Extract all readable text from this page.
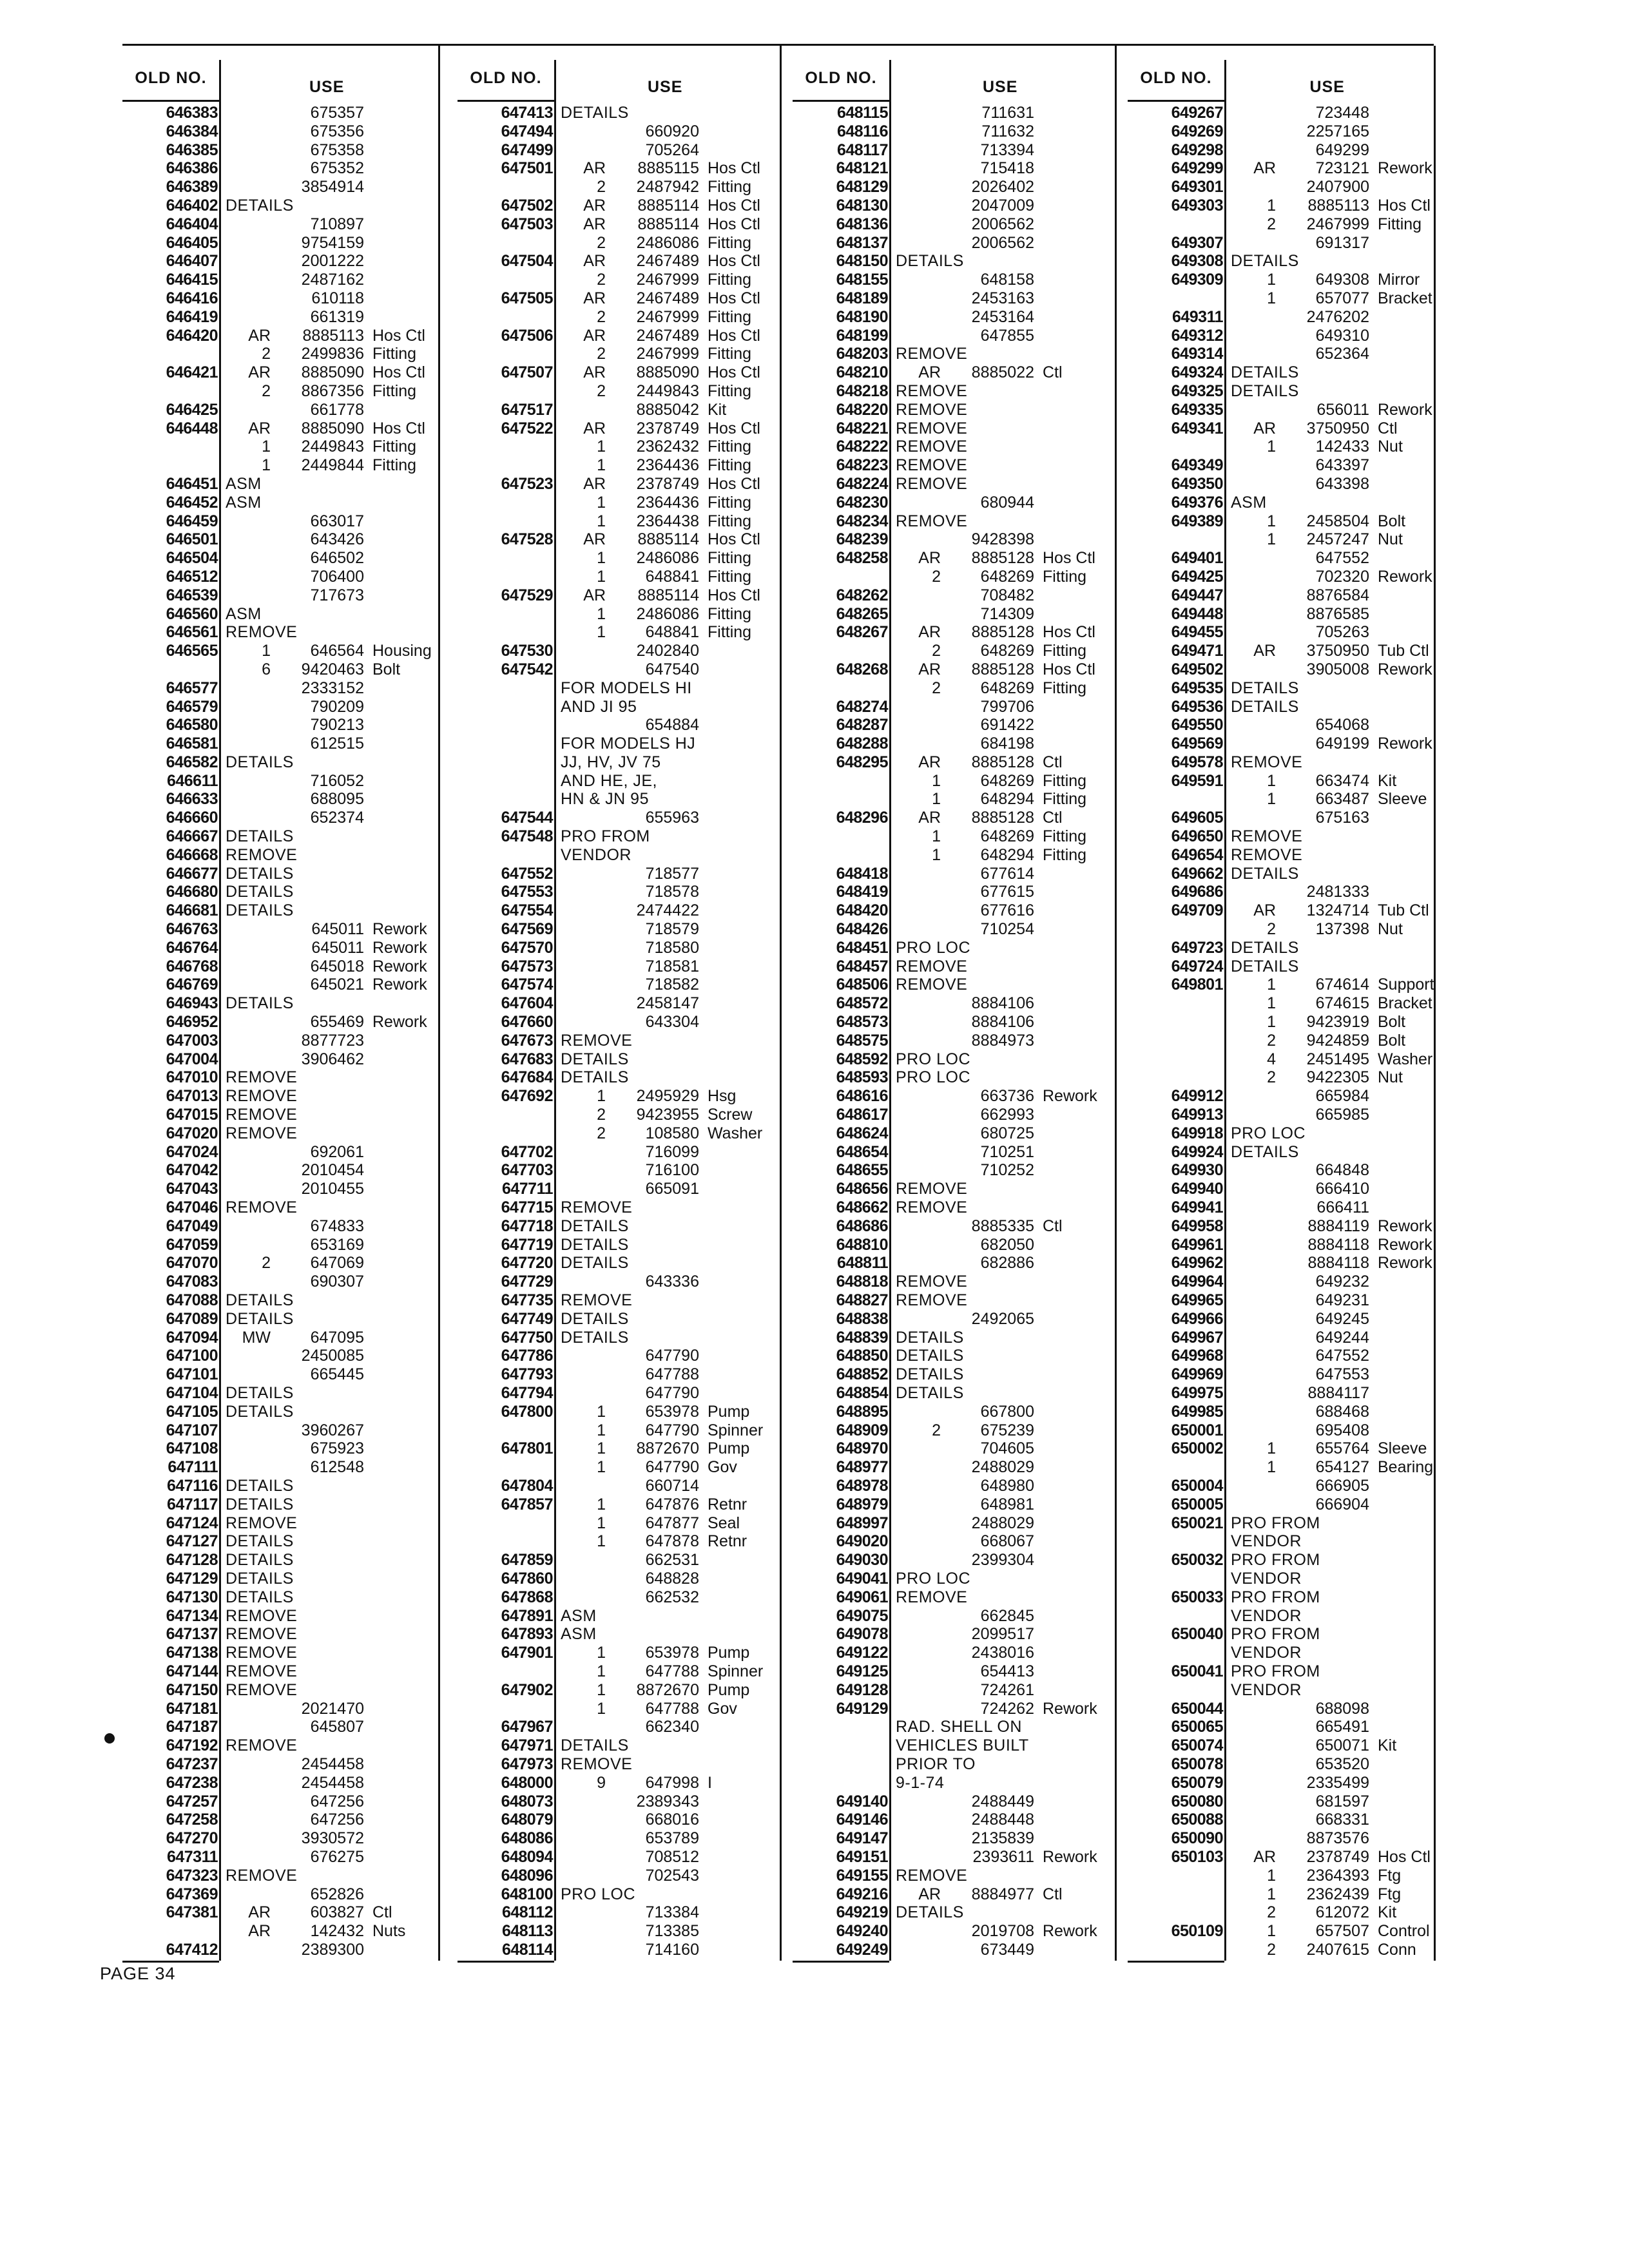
OLD NO.	USE
646383	675357
646384	675356
646385	675358
646386	675352
646389	3854914
646402 DETAILS
646404	710897
646405	9754159
646407	2001222
646415	2487162
646416	610118
646419	661319
646420	AR	8885113 Hos Ctl
2	2499836 Fitting
646421	AR	8885090 Hos Ctl
2	8867356 Fitting
646425	661778
646448	AR	8885090 Hos Ctl
1	2449843 Fitting
1	2449844 Fitting
646451 ASM
646452 ASM
646459	663017
646501	643426
646504	646502
646512	706400
646539	717673
646560 ASM
646561 REMOVE
646565	1	646564 Housing
6	9420463 Bolt
646577	2333152
646579	790209
646580	790213
646581	612515
646582 DETAILS
646611	716052
646633	688095
646660	652374
646667 DETAILS
646668 REMOVE
646677 DETAILS
646680 DETAILS
646681 DETAILS
646763	645011 Rework
646764	645011 Rework
646768	645018 Rework
646769	645021 Rework
646943 DETAILS
646952	655469 Rework
647003	8877723
647004	3906462
647010 REMOVE
647013 REMOVE
647015 REMOVE
647020 REMOVE
647024	692061
647042	2010454
647043	2010455
647046 REMOVE
647049	674833
647059	653169
647070	2	647069
647083	690307
647088 DETAILS
647089 DETAILS
647094	MW	647095
647100	2450085
647101	665445
647104 DETAILS
647105 DETAILS
647107	3960267
647108	675923
647111	612548
647116 DETAILS
647117 DETAILS
647124 REMOVE
647127 DETAILS
647128 DETAILS
647129 DETAILS
647130 DETAILS
647134 REMOVE
647137 REMOVE
647138 REMOVE
647144 REMOVE
647150 REMOVE
647181	2021470
647187	645807
647192 REMOVE
647237	2454458
647238	2454458
647257	647256
647258	647256
647270	3930572
647311	676275
647323 REMOVE
647369	652826
647381	AR	603827 Ctl
AR	142432 Nuts
647412	2389300
OLD NO.	USE
647413 DETAILS
647494	660920
647499	705264
647501	AR	8885115 Hos Ctl
2	2487942 Fitting
647502	AR	8885114 Hos Ctl
647503	AR	8885114 Hos Ctl
2	2486086 Fitting
647504	AR	2467489 Hos Ctl
2	2467999 Fitting
647505	AR	2467489 Hos Ctl
2	2467999 Fitting
647506	AR	2467489 Hos Ctl
2	2467999 Fitting
647507	AR	8885090 Hos Ctl
2	2449843 Fitting
647517	8885042 Kit
647522	AR	2378749 Hos Ctl
1	2362432 Fitting
1	2364436 Fitting
647523	AR	2378749 Hos Ctl
1	2364436 Fitting
1	2364438 Fitting
647528	AR	8885114 Hos Ctl
1	2486086 Fitting
1	648841 Fitting
647529	AR	8885114 Hos Ctl
1	2486086 Fitting
1	648841 Fitting
647530	2402840
647542	647540
FOR MODELS HI
AND JI 95
654884
FOR MODELS HJ
JJ, HV, JV 75
AND HE, JE,
HN & JN 95
647544	655963
647548 PRO FROM
VENDOR
647552	718577
647553	718578
647554	2474422
647569	718579
647570	718580
647573	718581
647574	718582
647604	2458147
647660	643304
647673 REMOVE
647683 DETAILS
647684 DETAILS
647692	1	2495929 Hsg
2	9423955 Screw
2	108580 Washer
647702	716099
647703	716100
647711	665091
647715 REMOVE
647718 DETAILS
647719 DETAILS
647720 DETAILS
647729	643336
647735 REMOVE
647749 DETAILS
647750 DETAILS
647786	647790
647793	647788
647794	647790
647800	1	653978 Pump
1	647790 Spinner
647801	1	8872670 Pump
1	647790 Gov
647804	660714
647857	1	647876 Retnr
1	647877 Seal
1	647878 Retnr
647859	662531
647860	648828
647868	662532
647891 ASM
647893 ASM
647901	1	653978 Pump
1	647788 Spinner
647902	1	8872670 Pump
1	647788 Gov
647967	662340
647971 DETAILS
647973 REMOVE
648000	9	647998 I
648073	2389343
648079	668016
648086	653789
648094	708512
648096	702543
648100 PRO LOC
648112	713384
648113	713385
648114	714160
OLD NO.	USE
648115	711631
648116	711632
648117	713394
648121	715418
648129	2026402
648130	2047009
648136	2006562
648137	2006562
648150 DETAILS
648155	648158
648189	2453163
648190	2453164
648199	647855
648203 REMOVE
648210	AR	8885022 Ctl
648218 REMOVE
648220 REMOVE
648221 REMOVE
648222 REMOVE
648223 REMOVE
648224 REMOVE
648230	680944
648234 REMOVE
648239	9428398
648258	AR	8885128 Hos Ctl
2	648269 Fitting
648262	708482
648265	714309
648267	AR	8885128 Hos Ctl
2	648269 Fitting
648268	AR	8885128 Hos Ctl
2	648269 Fitting
648274	799706
648287	691422
648288	684198
648295	AR	8885128 Ctl
1	648269 Fitting
1	648294 Fitting
648296	AR	8885128 Ctl
1	648269 Fitting
1	648294 Fitting
648418	677614
648419	677615
648420	677616
648426	710254
648451 PRO LOC
648457 REMOVE
648506 REMOVE
648572	8884106
648573	8884106
648575	8884973
648592 PRO LOC
648593 PRO LOC
648616	663736 Rework
648617	662993
648624	680725
648654	710251
648655	710252
648656 REMOVE
648662 REMOVE
648686	8885335 Ctl
648810	682050
648811	682886
648818 REMOVE
648827 REMOVE
648838	2492065
648839 DETAILS
648850 DETAILS
648852 DETAILS
648854 DETAILS
648895	667800
648909	2	675239
648970	704605
648977	2488029
648978	648980
648979	648981
648997	2488029
649020	668067
649030	2399304
649041 PRO LOC
649061 REMOVE
649075	662845
649078	2099517
649122	2438016
649125	654413
649128	724261
649129	724262 Rework
RAD. SHELL ON
VEHICLES BUILT
PRIOR TO
9-1-74
649140	2488449
649146	2488448
649147	2135839
649151	2393611 Rework
649155 REMOVE
649216	AR	8884977 Ctl
649219 DETAILS
649240	2019708 Rework
649249	673449
OLD NO.	USE
649267	723448
649269	2257165
649298	649299
649299	AR	723121 Rework
649301	2407900
649303	1	8885113 Hos Ctl
2	2467999 Fitting
649307	691317
649308 DETAILS
649309	1	649308 Mirror
1	657077 Bracket
649311	2476202
649312	649310
649314	652364
649324 DETAILS
649325 DETAILS
649335	656011 Rework
649341	AR	3750950 Ctl
1	142433 Nut
649349	643397
649350	643398
649376 ASM
649389	1	2458504 Bolt
1	2457247 Nut
649401	647552
649425	702320 Rework
649447	8876584
649448	8876585
649455	705263
649471	AR	3750950 Tub Ctl
649502	3905008 Rework
649535 DETAILS
649536 DETAILS
649550	654068
649569	649199 Rework
649578 REMOVE
649591	1	663474 Kit
1	663487 Sleeve
649605	675163
649650 REMOVE
649654 REMOVE
649662 DETAILS
649686	2481333
649709	AR	1324714 Tub Ctl
2	137398 Nut
649723 DETAILS
649724 DETAILS
649801	1	674614 Support
1	674615 Bracket
1	9423919 Bolt
2	9424859 Bolt
4	2451495 Washer
2	9422305 Nut
649912	665984
649913	665985
649918 PRO LOC
649924 DETAILS
649930	664848
649940	666410
649941	666411
649958	8884119 Rework
649961	8884118 Rework
649962	8884118 Rework
649964	649232
649965	649231
649966	649245
649967	649244
649968	647552
649969	647553
649975	8884117
649985	688468
650001	695408
650002	1	655764 Sleeve
1	654127 Bearing
650004	666905
650005	666904
650021 PRO FROM
VENDOR
650032 PRO FROM
VENDOR
650033 PRO FROM
VENDOR
650040 PRO FROM
VENDOR
650041 PRO FROM
VENDOR
650044	688098
650065	665491
650074	650071 Kit
650078	653520
650079	2335499
650080	681597
650088	668331
650090	8873576
650103	AR	2378749 Hos Ctl
1	2364393 Ftg
1	2362439 Ftg
2	612072 Kit
650109	1	657507 Control
2	2407615 Conn
PAGE 34
